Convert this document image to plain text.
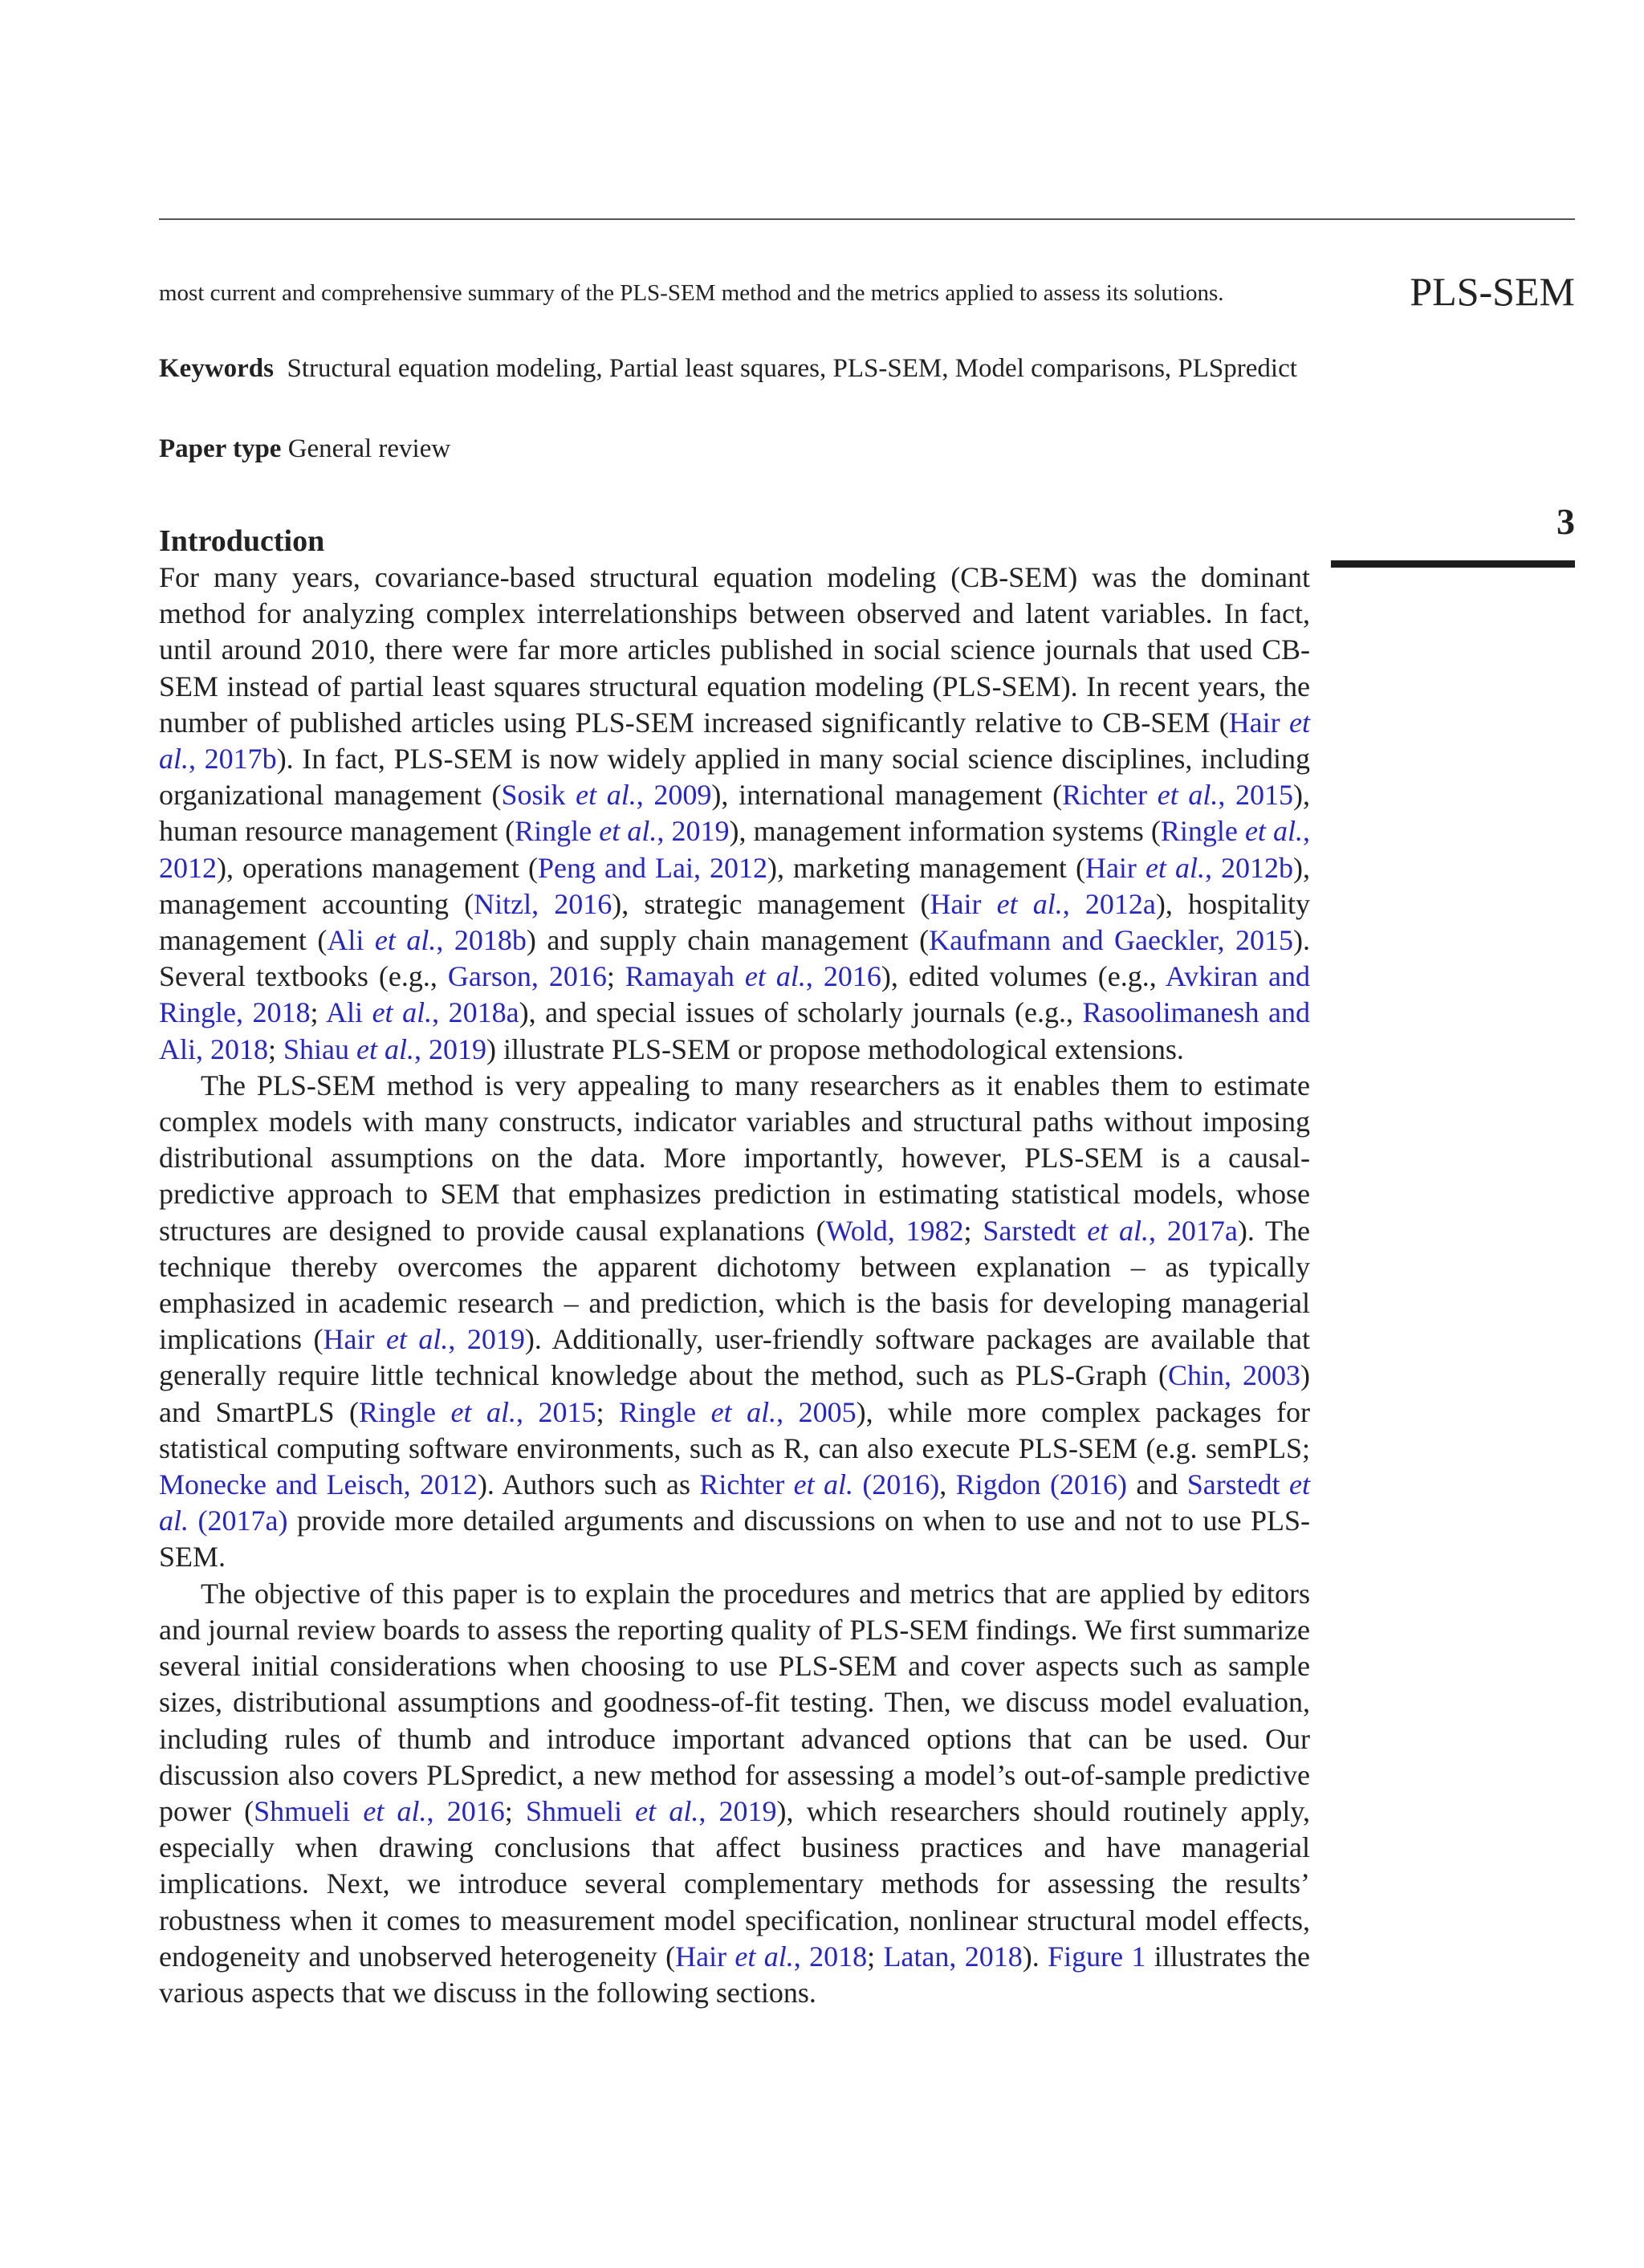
PLS-SEM
3

most current and comprehensive summary of the PLS-SEM method and the metrics applied to assess its solutions.

Keywords Structural equation modeling, Partial least squares, PLS-SEM, Model comparisons, PLSpredict

Paper type General review

Introduction

For many years, covariance-based structural equation modeling (CB-SEM) was the dominant method for analyzing complex interrelationships between observed and latent variables. In fact, until around 2010, there were far more articles published in social science journals that used CB-SEM instead of partial least squares structural equation modeling (PLS-SEM). In recent years, the number of published articles using PLS-SEM increased significantly relative to CB-SEM (Hair et al., 2017b). In fact, PLS-SEM is now widely applied in many social science disciplines, including organizational management (Sosik et al., 2009), international management (Richter et al., 2015), human resource management (Ringle et al., 2019), management information systems (Ringle et al., 2012), operations management (Peng and Lai, 2012), marketing management (Hair et al., 2012b), management accounting (Nitzl, 2016), strategic management (Hair et al., 2012a), hospitality management (Ali et al., 2018b) and supply chain management (Kaufmann and Gaeckler, 2015). Several textbooks (e.g., Garson, 2016; Ramayah et al., 2016), edited volumes (e.g., Avkiran and Ringle, 2018; Ali et al., 2018a), and special issues of scholarly journals (e.g., Rasoolimanesh and Ali, 2018; Shiau et al., 2019) illustrate PLS-SEM or propose methodological extensions.

The PLS-SEM method is very appealing to many researchers as it enables them to estimate complex models with many constructs, indicator variables and structural paths without imposing distributional assumptions on the data. More importantly, however, PLS-SEM is a causal-predictive approach to SEM that emphasizes prediction in estimating statistical models, whose structures are designed to provide causal explanations (Wold, 1982; Sarstedt et al., 2017a). The technique thereby overcomes the apparent dichotomy between explanation – as typically emphasized in academic research – and prediction, which is the basis for developing managerial implications (Hair et al., 2019). Additionally, user-friendly software packages are available that generally require little technical knowledge about the method, such as PLS-Graph (Chin, 2003) and SmartPLS (Ringle et al., 2015; Ringle et al., 2005), while more complex packages for statistical computing software environments, such as R, can also execute PLS-SEM (e.g. semPLS; Monecke and Leisch, 2012). Authors such as Richter et al. (2016), Rigdon (2016) and Sarstedt et al. (2017a) provide more detailed arguments and discussions on when to use and not to use PLS-SEM.

The objective of this paper is to explain the procedures and metrics that are applied by editors and journal review boards to assess the reporting quality of PLS-SEM findings. We first summarize several initial considerations when choosing to use PLS-SEM and cover aspects such as sample sizes, distributional assumptions and goodness-of-fit testing. Then, we discuss model evaluation, including rules of thumb and introduce important advanced options that can be used. Our discussion also covers PLSpredict, a new method for assessing a model’s out-of-sample predictive power (Shmueli et al., 2016; Shmueli et al., 2019), which researchers should routinely apply, especially when drawing conclusions that affect business practices and have managerial implications. Next, we introduce several complementary methods for assessing the results’ robustness when it comes to measurement model specification, nonlinear structural model effects, endogeneity and unobserved heterogeneity (Hair et al., 2018; Latan, 2018). Figure 1 illustrates the various aspects that we discuss in the following sections.
